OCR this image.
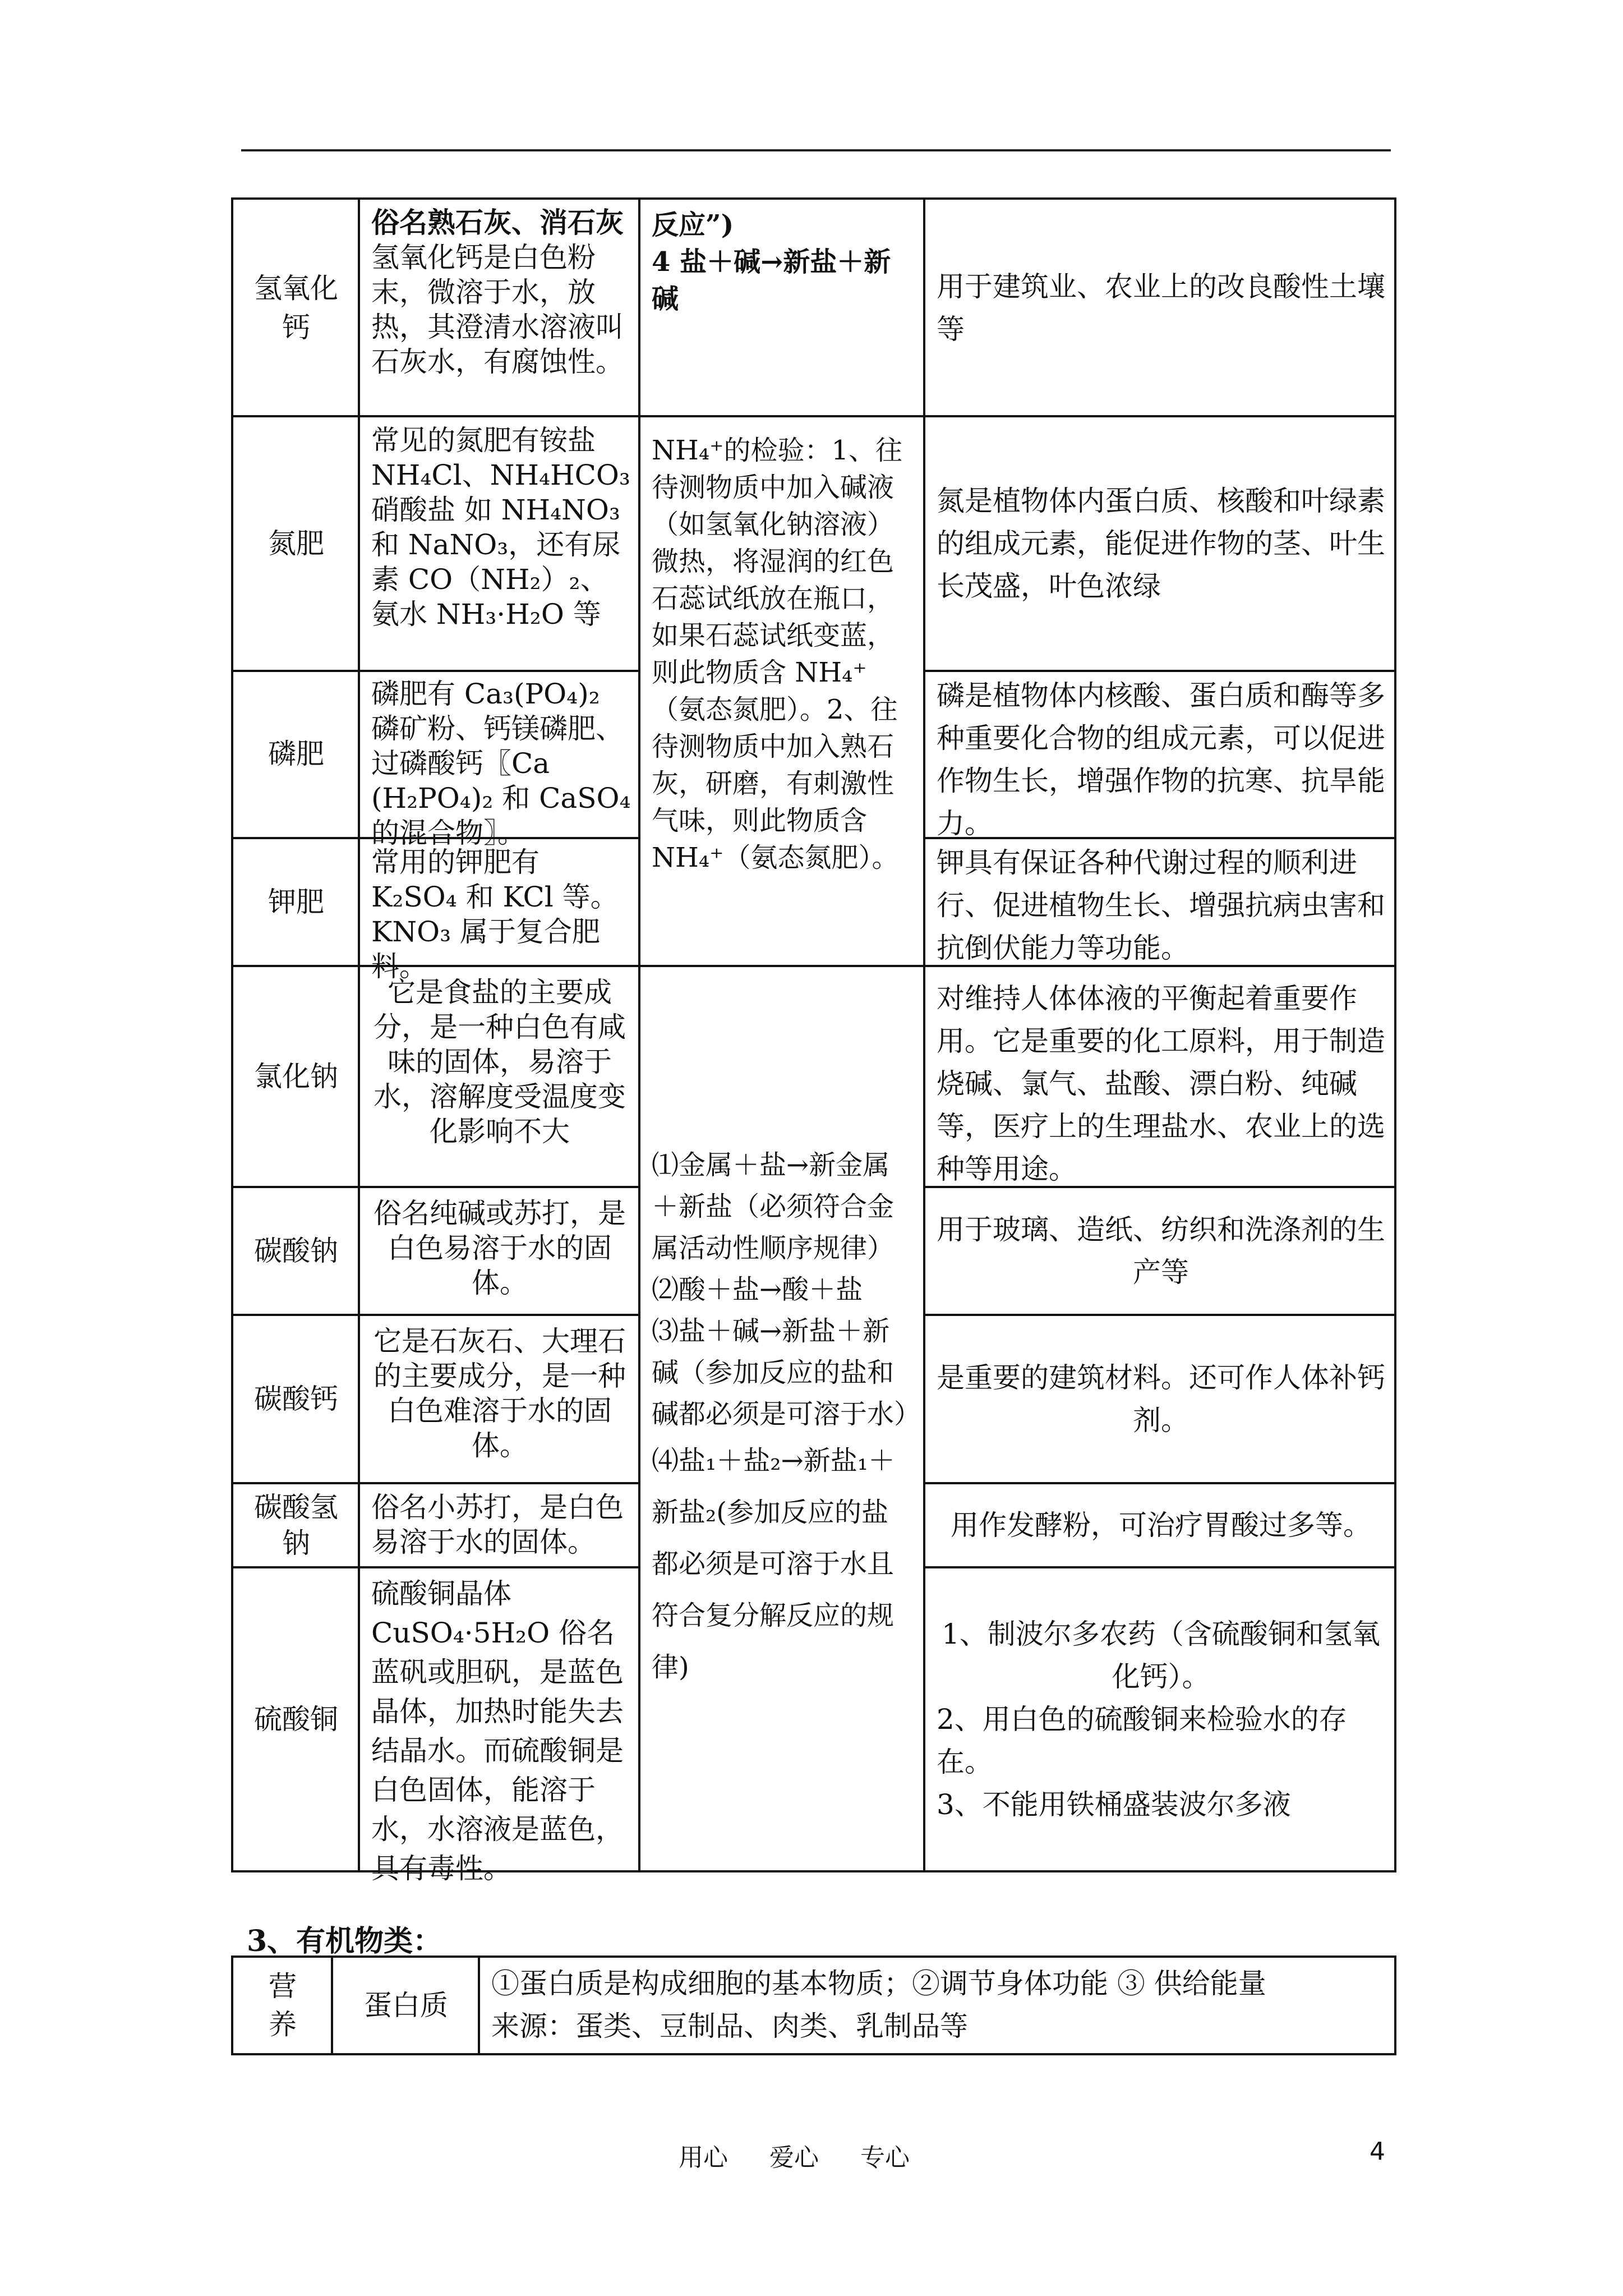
氢氧化钙
俗名熟石灰、消石灰
氢氧化钙是白色粉末，微溶于水，放热，其澄清水溶液叫石灰水，有腐蚀性。
反应”)
4 盐＋碱→新盐＋新碱	用于建筑业、农业上的改良酸性土壤等
氮肥
常见的氮肥有铵盐 NH₄Cl、NH₄HCO₃ 硝酸盐 如 NH₄NO₃ 和 NaNO₃，还有尿素 CO（NH₂）₂、氨水 NH₃·H₂O 等
氮是植物体内蛋白质、核酸和叶绿素的组成元素，能促进作物的茎、叶生长茂盛，叶色浓绿
NH₄⁺的检验：1、往待测物质中加入碱液（如氢氧化钠溶液）微热，将湿润的红色石蕊试纸放在瓶口，如果石蕊试纸变蓝，则此物质含 NH₄⁺（氨态氮肥）。2、往待测物质中加入熟石灰，研磨，有刺激性气味，则此物质含 NH₄⁺（氨态氮肥）。
磷肥
磷肥有 Ca₃(PO₄)₂ 磷矿粉、钙镁磷肥、过磷酸钙〖Ca (H₂PO₄)₂ 和 CaSO₄ 的混合物〗。
磷是植物体内核酸、蛋白质和酶等多种重要化合物的组成元素，可以促进作物生长，增强作物的抗寒、抗旱能力。
钾肥
常用的钾肥有 K₂SO₄ 和 KCl 等。KNO₃ 属于复合肥料。
钾具有保证各种代谢过程的顺利进行、促进植物生长、增强抗病虫害和抗倒伏能力等功能。
⑴金属＋盐→新金属＋新盐（必须符合金属活动性顺序规律）
⑵酸＋盐→酸＋盐
⑶盐＋碱→新盐＋新碱（参加反应的盐和碱都必须是可溶于水）
⑷盐₁＋盐₂→新盐₁＋新盐₂(参加反应的盐都必须是可溶于水且符合复分解反应的规律)
氯化钠
它是食盐的主要成分，是一种白色有咸味的固体，易溶于水，溶解度受温度变化影响不大
对维持人体体液的平衡起着重要作用。它是重要的化工原料，用于制造烧碱、氯气、盐酸、漂白粉、纯碱等，医疗上的生理盐水、农业上的选种等用途。
碳酸钠
俗名纯碱或苏打，是白色易溶于水的固体。
用于玻璃、造纸、纺织和洗涤剂的生产等
碳酸钙
它是石灰石、大理石的主要成分，是一种白色难溶于水的固体。
是重要的建筑材料。还可作人体补钙剂。
碳酸氢钠
俗名小苏打，是白色易溶于水的固体。
用作发酵粉，可治疗胃酸过多等。
硫酸铜
硫酸铜晶体 CuSO₄·5H₂O 俗名蓝矾或胆矾，是蓝色晶体，加热时能失去结晶水。而硫酸铜是白色固体，能溶于水，水溶液是蓝色，具有毒性。
1、制波尔多农药（含硫酸铜和氢氧化钙）。
2、用白色的硫酸铜来检验水的存在。
3、不能用铁桶盛装波尔多液
3、有机物类：
营养
蛋白质
①蛋白质是构成细胞的基本物质；②调节身体功能 ③ 供给能量
来源：蛋类、豆制品、肉类、乳制品等
用心 爱心 专心	4
